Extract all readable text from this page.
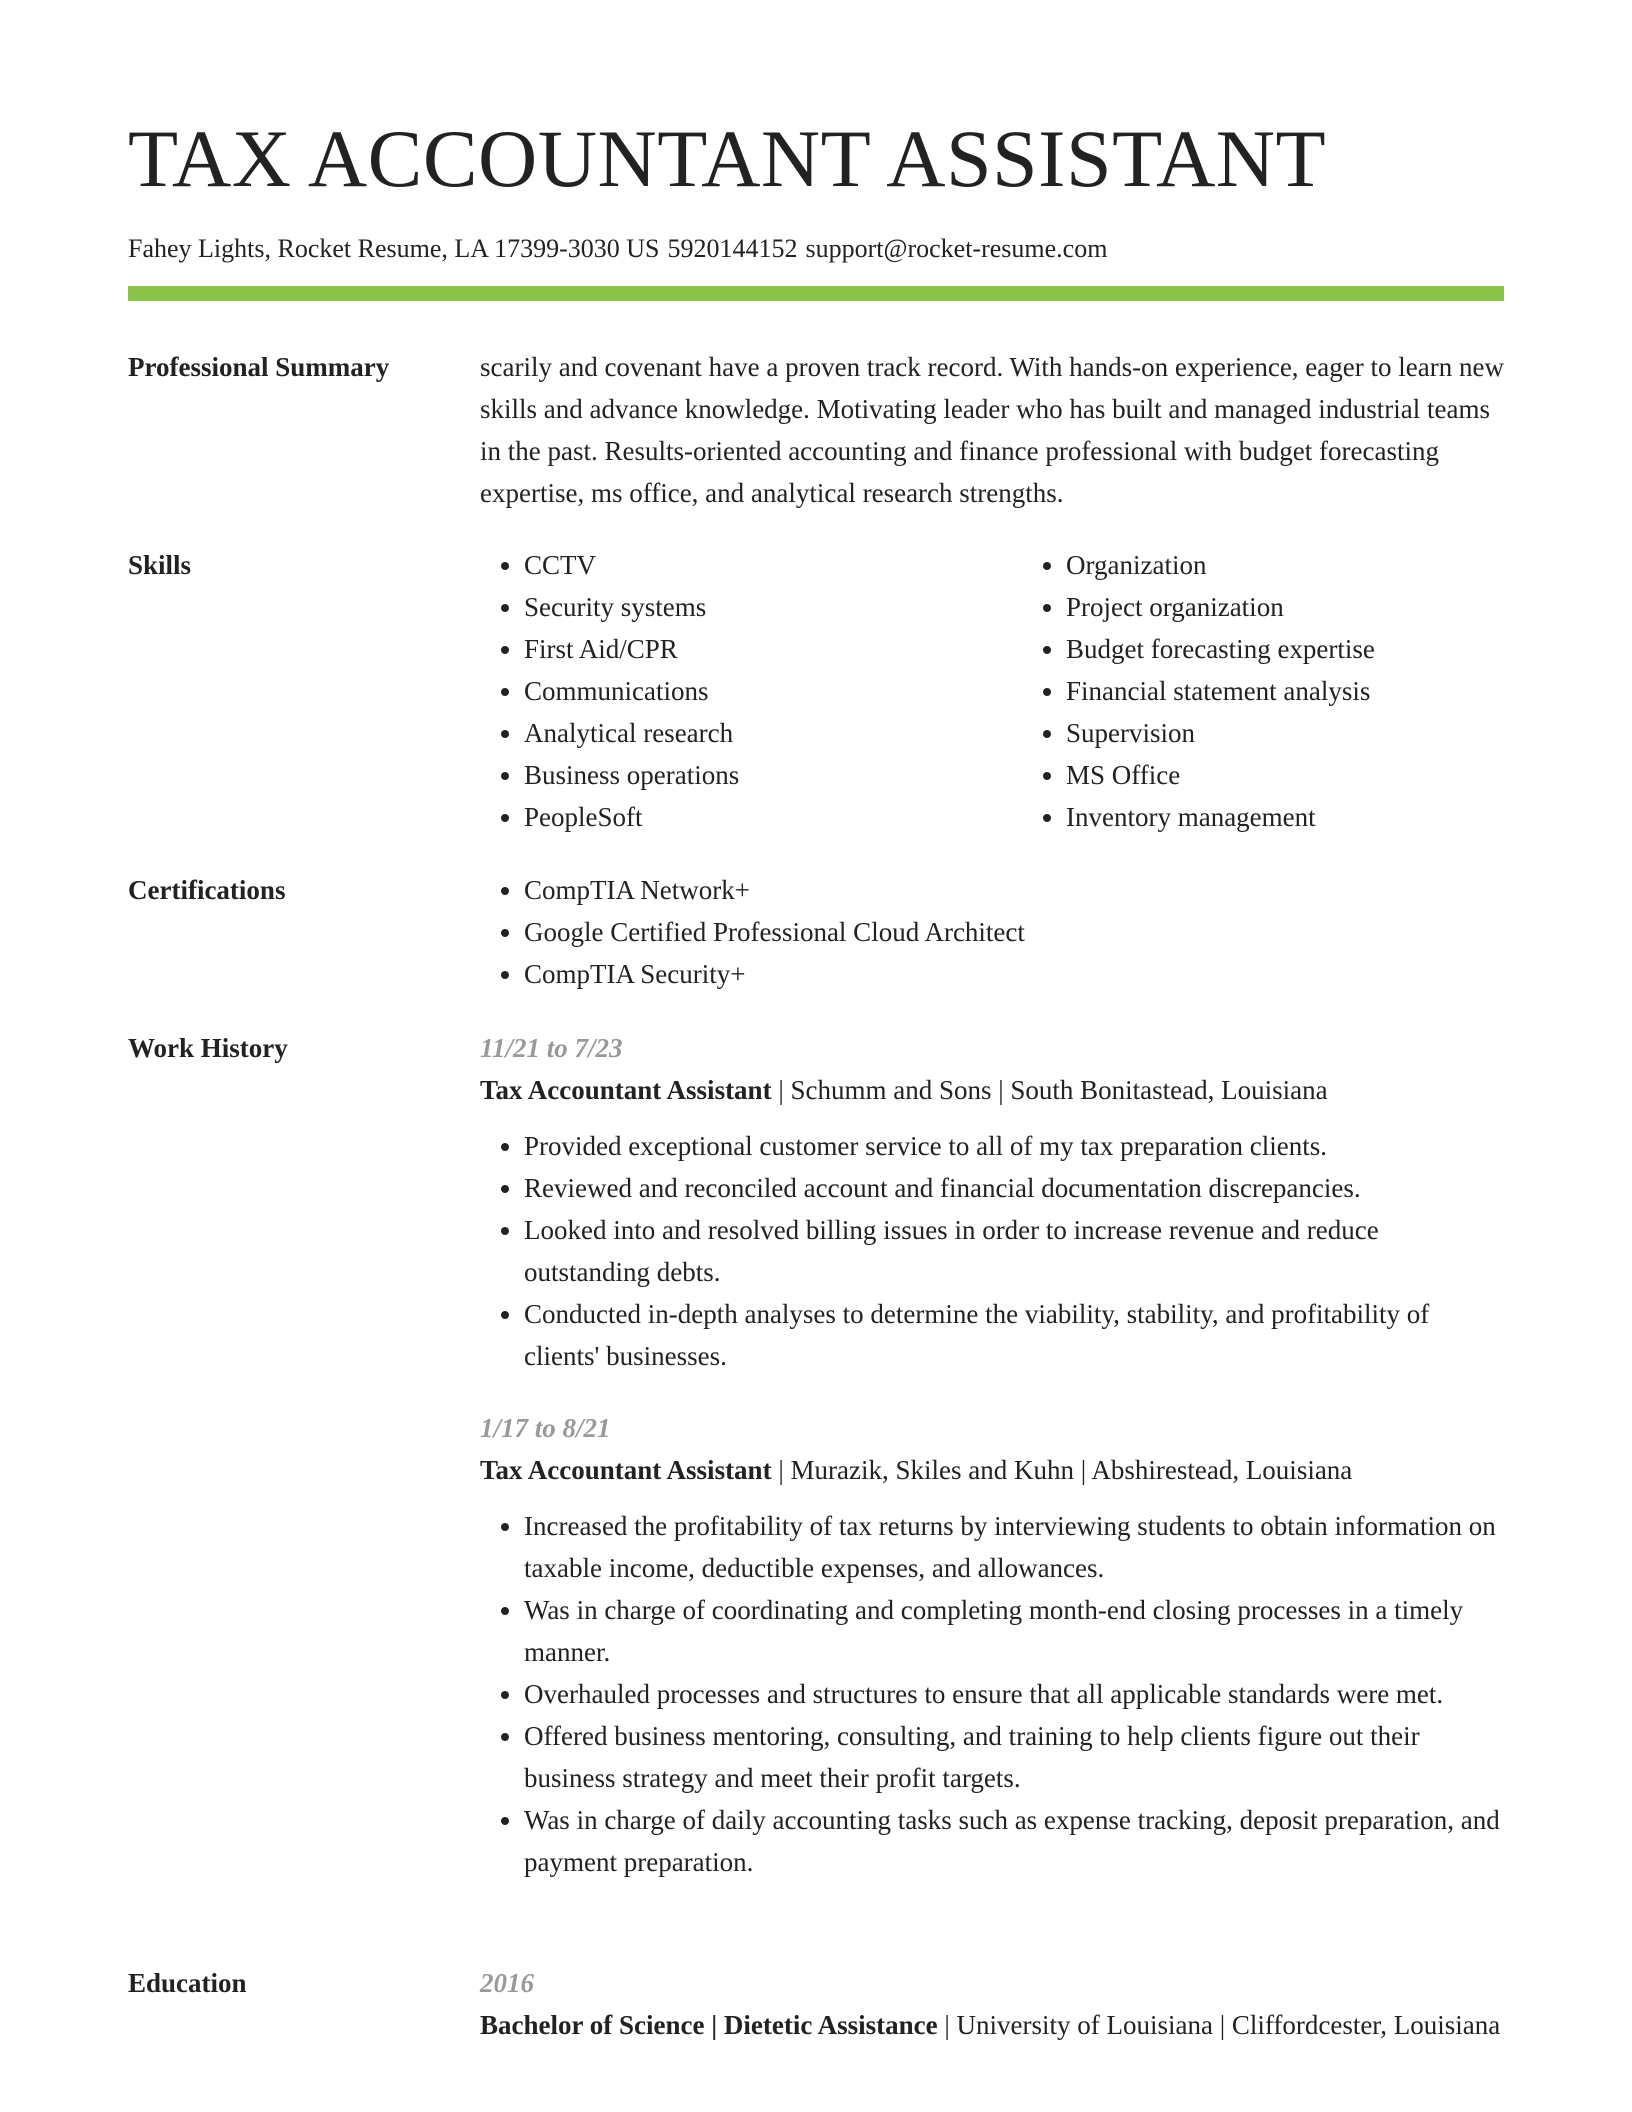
TAX ACCOUNTANT ASSISTANT
Fahey Lights, Rocket Resume, LA 17399-3030 US 5920144152 support@rocket-resume.com
Professional Summary	scarily and covenant have a proven track record. With hands-on experience, eager to learn new skills and advance knowledge. Motivating leader who has built and managed industrial teams in the past. Results-oriented accounting and finance professional with budget forecasting expertise, ms office, and analytical research strengths.

Skills	• CCTV
• Security systems
• First Aid/CPR
• Communications
• Analytical research
• Business operations
• PeopleSoft
• Organization
• Project organization
• Budget forecasting expertise
• Financial statement analysis
• Supervision
• MS Office
• Inventory management
Certifications	• CompTIA Network+
• Google Certified Professional Cloud Architect
• CompTIA Security+
Work History	11/21 to 7/23
Tax Accountant Assistant | Schumm and Sons | South Bonitastead, Louisiana
• Provided exceptional customer service to all of my tax preparation clients.
• Reviewed and reconciled account and financial documentation discrepancies.
• Looked into and resolved billing issues in order to increase revenue and reduce outstanding debts.
• Conducted in-depth analyses to determine the viability, stability, and profitability of clients' businesses.
1/17 to 8/21
Tax Accountant Assistant | Murazik, Skiles and Kuhn | Abshirestead, Louisiana
• Increased the profitability of tax returns by interviewing students to obtain information on taxable income, deductible expenses, and allowances.
• Was in charge of coordinating and completing month-end closing processes in a timely manner.
• Overhauled processes and structures to ensure that all applicable standards were met.
• Offered business mentoring, consulting, and training to help clients figure out their business strategy and meet their profit targets.
• Was in charge of daily accounting tasks such as expense tracking, deposit preparation, and payment preparation.
Education	2016
Bachelor of Science | Dietetic Assistance | University of Louisiana | Cliffordcester, Louisiana
